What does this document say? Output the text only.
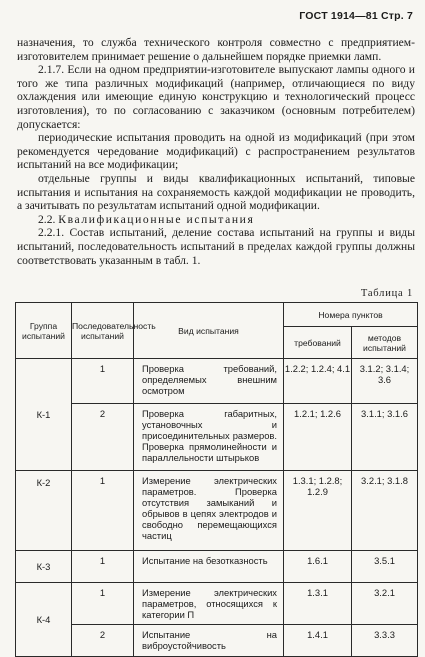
ГОСТ 1914—81 Стр. 7

назначения, то служба технического контроля совместно с предприятием-изготовителем принимает решение о дальнейшем порядке приемки ламп.

2.1.7. Если на одном предприятии-изготовителе выпускают лампы одного и того же типа различных модификаций (например, отличающиеся по виду охлаждения или имеющие единую конструкцию и технологический процесс изготовления), то по согласованию с заказчиком (основным потребителем) допускается:

периодические испытания проводить на одной из модификаций (при этом рекомендуется чередование модификаций) с распространением результатов испытаний на все модификации;

отдельные группы и виды квалификационных испытаний, типовые испытания и испытания на сохраняемость каждой модификации не проводить, а зачитывать по результатам испытаний одной модификации.

2.2. Квалификационные испытания

2.2.1. Состав испытаний, деление состава испытаний на группы и виды испытаний, последовательность испытаний в пределах каждой группы должны соответствовать указанным в табл. 1.

Таблица 1
Группа испытаний	Последовательность испытаний	Вид испытания	Номера пунктов	
			требований	методов испытаний
К-1	1	Проверка требований, определяемых внешним осмотром	1.2.2; 1.2.4; 4.1	3.1.2; 3.1.4; 3.6
	2	Проверка габаритных, установочных и присоединительных размеров. Проверка прямолинейности и параллельности штырьков	1.2.1; 1.2.6	3.1.1; 3.1.6
К-2	1	Измерение электрических параметров. Проверка отсутствия замыканий и обрывов в цепях электродов и свободно перемещающихся частиц	1.3.1; 1.2.8; 1.2.9	3.2.1; 3.1.8
К-3	1	Испытание на безотказность	1.6.1	3.5.1
К-4	1	Измерение электрических параметров, относящихся к категории П	1.3.1	3.2.1
	2	Испытание на виброустойчивость	1.4.1	3.3.3
